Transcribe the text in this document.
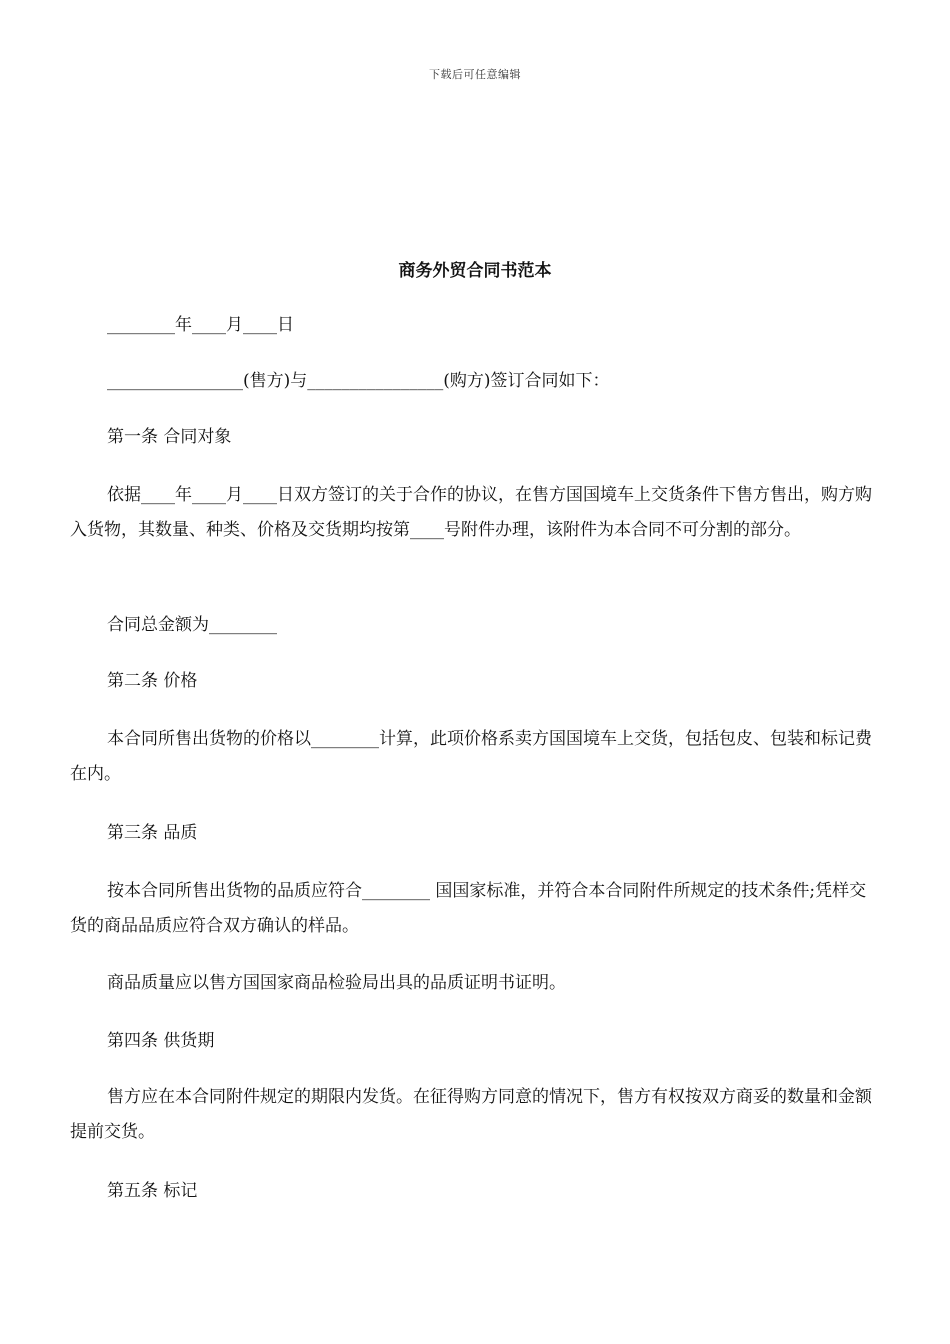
下载后可任意编辑
商务外贸合同书范本

________年____月____日

________________(售方)与________________(购方)签订合同如下：

第一条 合同对象

依据____年____月____日双方签订的关于合作的协议，在售方国国境车上交货条件下售方售出，购方购入货物，其数量、种类、价格及交货期均按第____号附件办理，该附件为本合同不可分割的部分。

合同总金额为________

第二条 价格

本合同所售出货物的价格以________计算，此项价格系卖方国国境车上交货，包括包皮、包装和标记费在内。

第三条 品质

按本合同所售出货物的品质应符合________ 国国家标准，并符合本合同附件所规定的技术条件;凭样交货的商品品质应符合双方确认的样品。

商品质量应以售方国国家商品检验局出具的品质证明书证明。

第四条 供货期

售方应在本合同附件规定的期限内发货。在征得购方同意的情况下，售方有权按双方商妥的数量和金额提前交货。

第五条 标记
